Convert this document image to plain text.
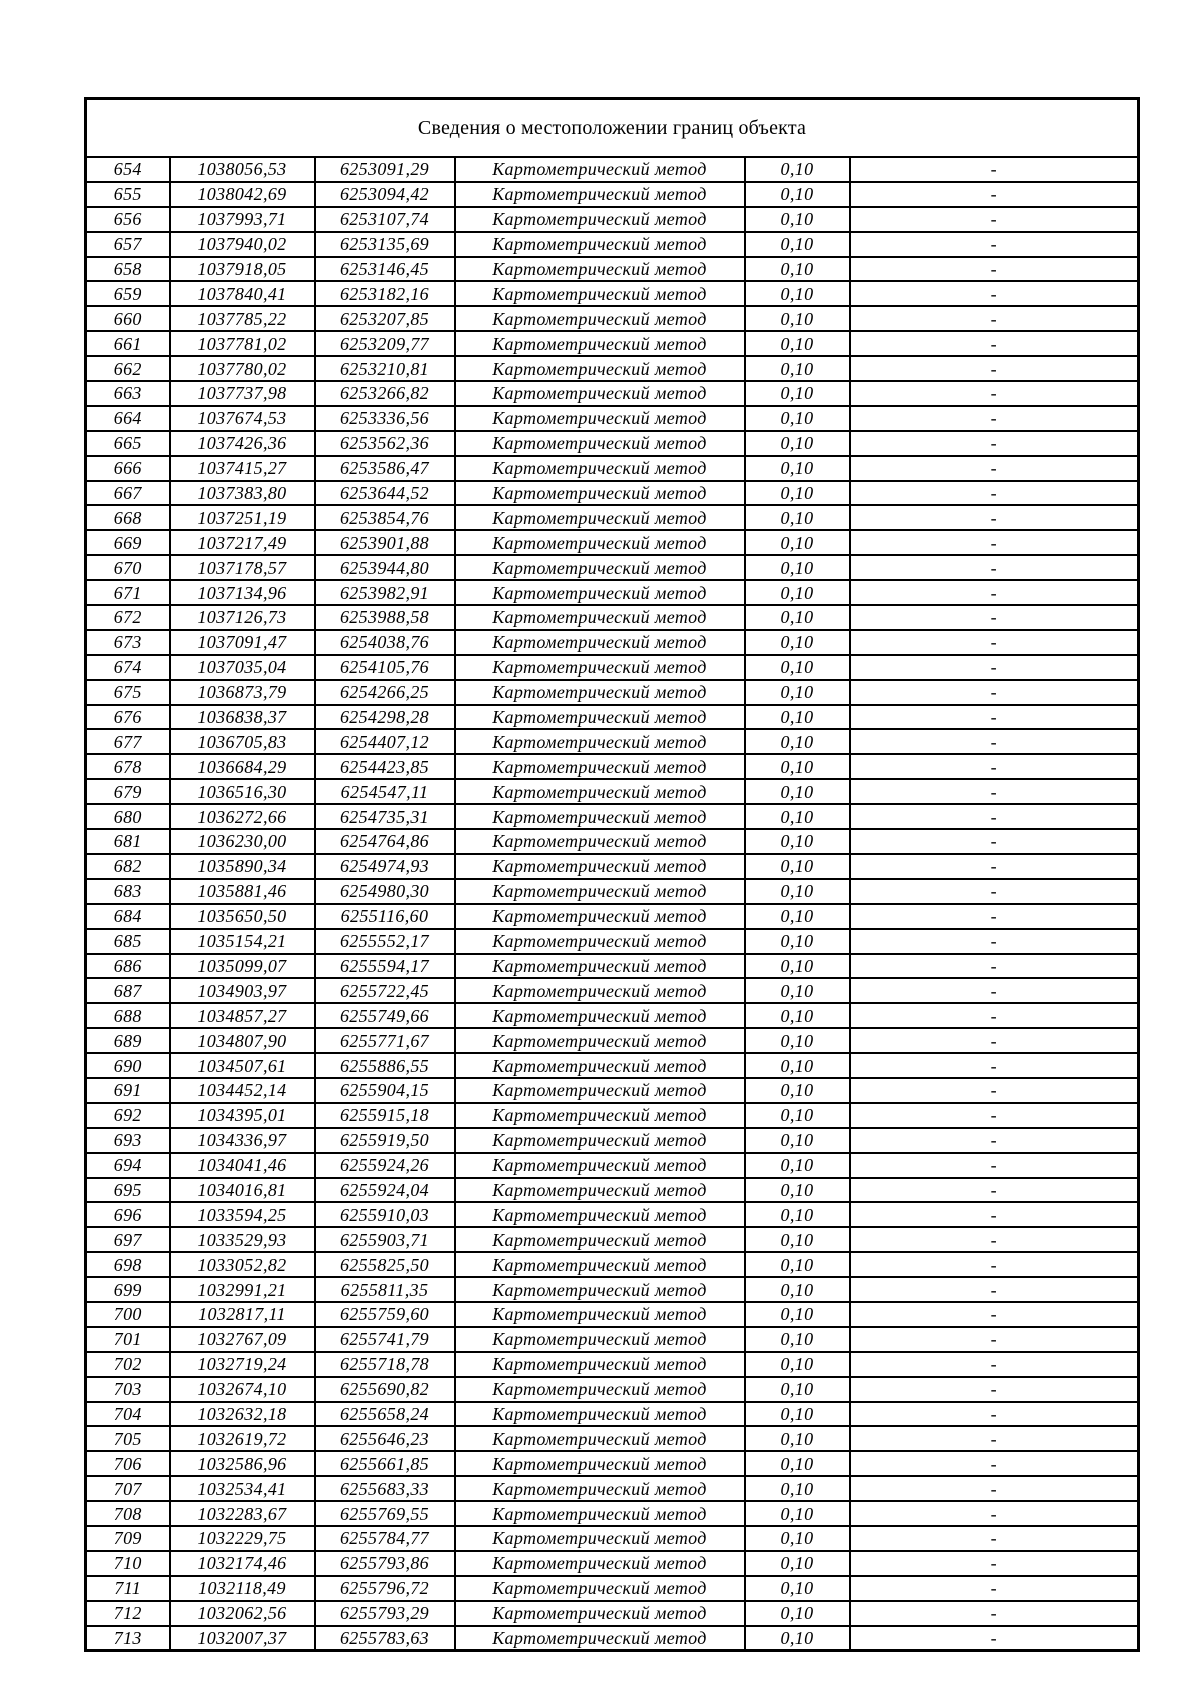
Сведения о местоположении границ объекта					
654	1038056,53	6253091,29	Картометрический метод	0,10	-
655	1038042,69	6253094,42	Картометрический метод	0,10	-
656	1037993,71	6253107,74	Картометрический метод	0,10	-
657	1037940,02	6253135,69	Картометрический метод	0,10	-
658	1037918,05	6253146,45	Картометрический метод	0,10	-
659	1037840,41	6253182,16	Картометрический метод	0,10	-
660	1037785,22	6253207,85	Картометрический метод	0,10	-
661	1037781,02	6253209,77	Картометрический метод	0,10	-
662	1037780,02	6253210,81	Картометрический метод	0,10	-
663	1037737,98	6253266,82	Картометрический метод	0,10	-
664	1037674,53	6253336,56	Картометрический метод	0,10	-
665	1037426,36	6253562,36	Картометрический метод	0,10	-
666	1037415,27	6253586,47	Картометрический метод	0,10	-
667	1037383,80	6253644,52	Картометрический метод	0,10	-
668	1037251,19	6253854,76	Картометрический метод	0,10	-
669	1037217,49	6253901,88	Картометрический метод	0,10	-
670	1037178,57	6253944,80	Картометрический метод	0,10	-
671	1037134,96	6253982,91	Картометрический метод	0,10	-
672	1037126,73	6253988,58	Картометрический метод	0,10	-
673	1037091,47	6254038,76	Картометрический метод	0,10	-
674	1037035,04	6254105,76	Картометрический метод	0,10	-
675	1036873,79	6254266,25	Картометрический метод	0,10	-
676	1036838,37	6254298,28	Картометрический метод	0,10	-
677	1036705,83	6254407,12	Картометрический метод	0,10	-
678	1036684,29	6254423,85	Картометрический метод	0,10	-
679	1036516,30	6254547,11	Картометрический метод	0,10	-
680	1036272,66	6254735,31	Картометрический метод	0,10	-
681	1036230,00	6254764,86	Картометрический метод	0,10	-
682	1035890,34	6254974,93	Картометрический метод	0,10	-
683	1035881,46	6254980,30	Картометрический метод	0,10	-
684	1035650,50	6255116,60	Картометрический метод	0,10	-
685	1035154,21	6255552,17	Картометрический метод	0,10	-
686	1035099,07	6255594,17	Картометрический метод	0,10	-
687	1034903,97	6255722,45	Картометрический метод	0,10	-
688	1034857,27	6255749,66	Картометрический метод	0,10	-
689	1034807,90	6255771,67	Картометрический метод	0,10	-
690	1034507,61	6255886,55	Картометрический метод	0,10	-
691	1034452,14	6255904,15	Картометрический метод	0,10	-
692	1034395,01	6255915,18	Картометрический метод	0,10	-
693	1034336,97	6255919,50	Картометрический метод	0,10	-
694	1034041,46	6255924,26	Картометрический метод	0,10	-
695	1034016,81	6255924,04	Картометрический метод	0,10	-
696	1033594,25	6255910,03	Картометрический метод	0,10	-
697	1033529,93	6255903,71	Картометрический метод	0,10	-
698	1033052,82	6255825,50	Картометрический метод	0,10	-
699	1032991,21	6255811,35	Картометрический метод	0,10	-
700	1032817,11	6255759,60	Картометрический метод	0,10	-
701	1032767,09	6255741,79	Картометрический метод	0,10	-
702	1032719,24	6255718,78	Картометрический метод	0,10	-
703	1032674,10	6255690,82	Картометрический метод	0,10	-
704	1032632,18	6255658,24	Картометрический метод	0,10	-
705	1032619,72	6255646,23	Картометрический метод	0,10	-
706	1032586,96	6255661,85	Картометрический метод	0,10	-
707	1032534,41	6255683,33	Картометрический метод	0,10	-
708	1032283,67	6255769,55	Картометрический метод	0,10	-
709	1032229,75	6255784,77	Картометрический метод	0,10	-
710	1032174,46	6255793,86	Картометрический метод	0,10	-
711	1032118,49	6255796,72	Картометрический метод	0,10	-
712	1032062,56	6255793,29	Картометрический метод	0,10	-
713	1032007,37	6255783,63	Картометрический метод	0,10	-
